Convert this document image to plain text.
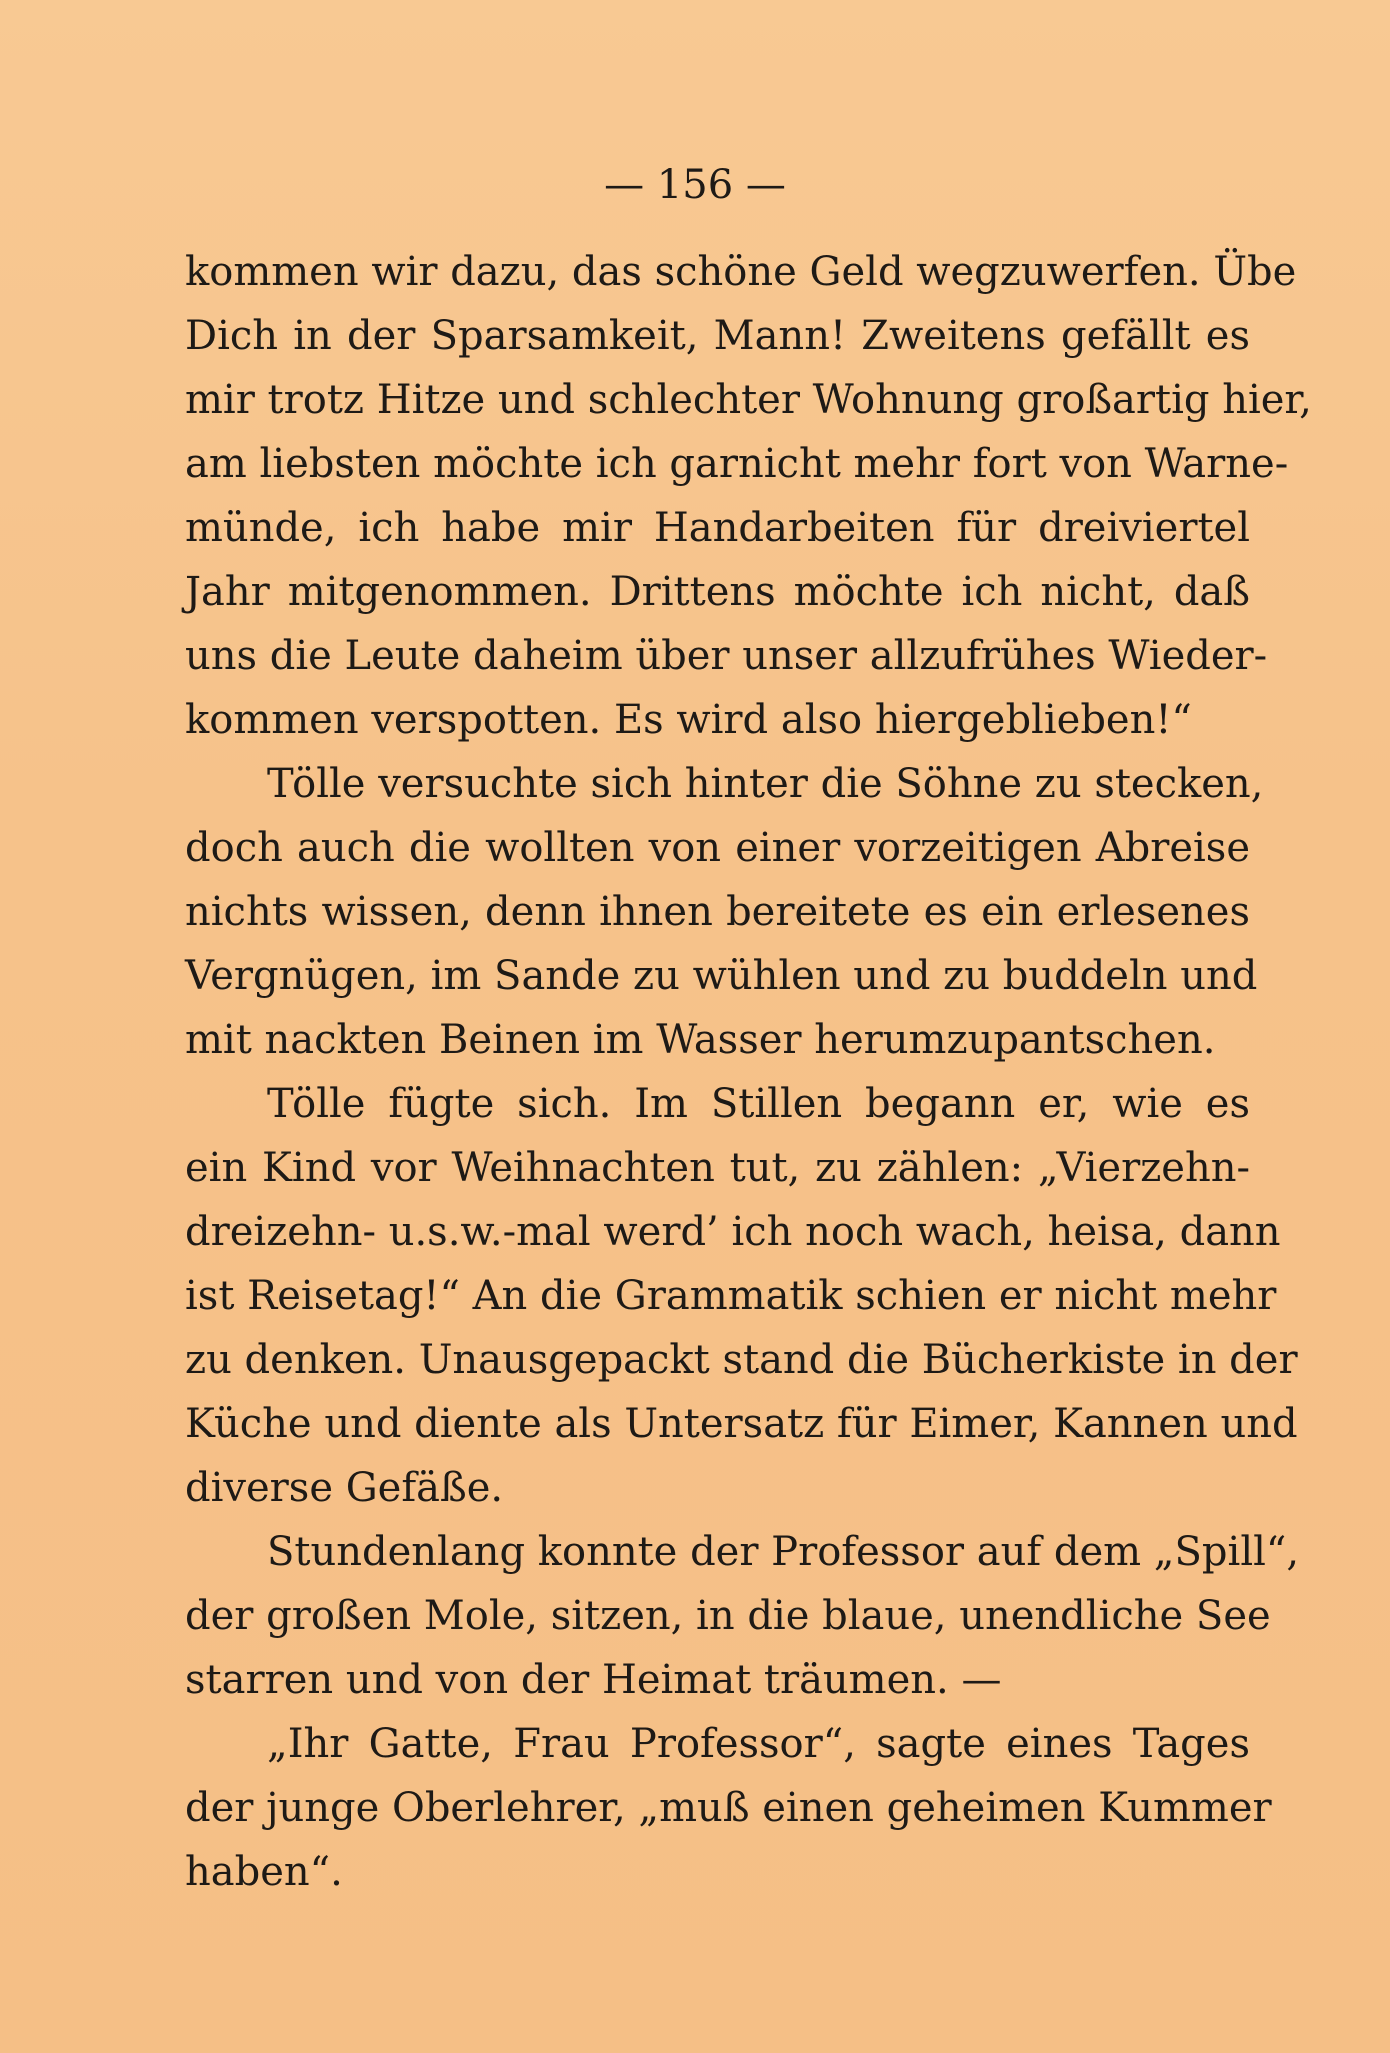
— 156 —
kommen wir dazu, das schöne Geld wegzuwerfen. Übe
Dich in der Sparsamkeit, Mann! Zweitens gefällt es
mir trotz Hitze und schlechter Wohnung großartig hier,
am liebsten möchte ich garnicht mehr fort von Warne-
münde, ich habe mir Handarbeiten für dreiviertel
Jahr mitgenommen. Drittens möchte ich nicht, daß
uns die Leute daheim über unser allzufrühes Wieder-
kommen verspotten. Es wird also hiergeblieben!“
Tölle versuchte sich hinter die Söhne zu stecken,
doch auch die wollten von einer vorzeitigen Abreise
nichts wissen, denn ihnen bereitete es ein erlesenes
Vergnügen, im Sande zu wühlen und zu buddeln und
mit nackten Beinen im Wasser herumzupantschen.
Tölle fügte sich. Im Stillen begann er, wie es
ein Kind vor Weihnachten tut, zu zählen: „Vierzehn-
dreizehn- u.s.w.-mal werd’ ich noch wach, heisa, dann
ist Reisetag!“ An die Grammatik schien er nicht mehr
zu denken. Unausgepackt stand die Bücherkiste in der
Küche und diente als Untersatz für Eimer, Kannen und
diverse Gefäße.
Stundenlang konnte der Professor auf dem „Spill“,
der großen Mole, sitzen, in die blaue, unendliche See
starren und von der Heimat träumen. —
„Ihr Gatte, Frau Professor“, sagte eines Tages
der junge Oberlehrer, „muß einen geheimen Kummer
haben“.
